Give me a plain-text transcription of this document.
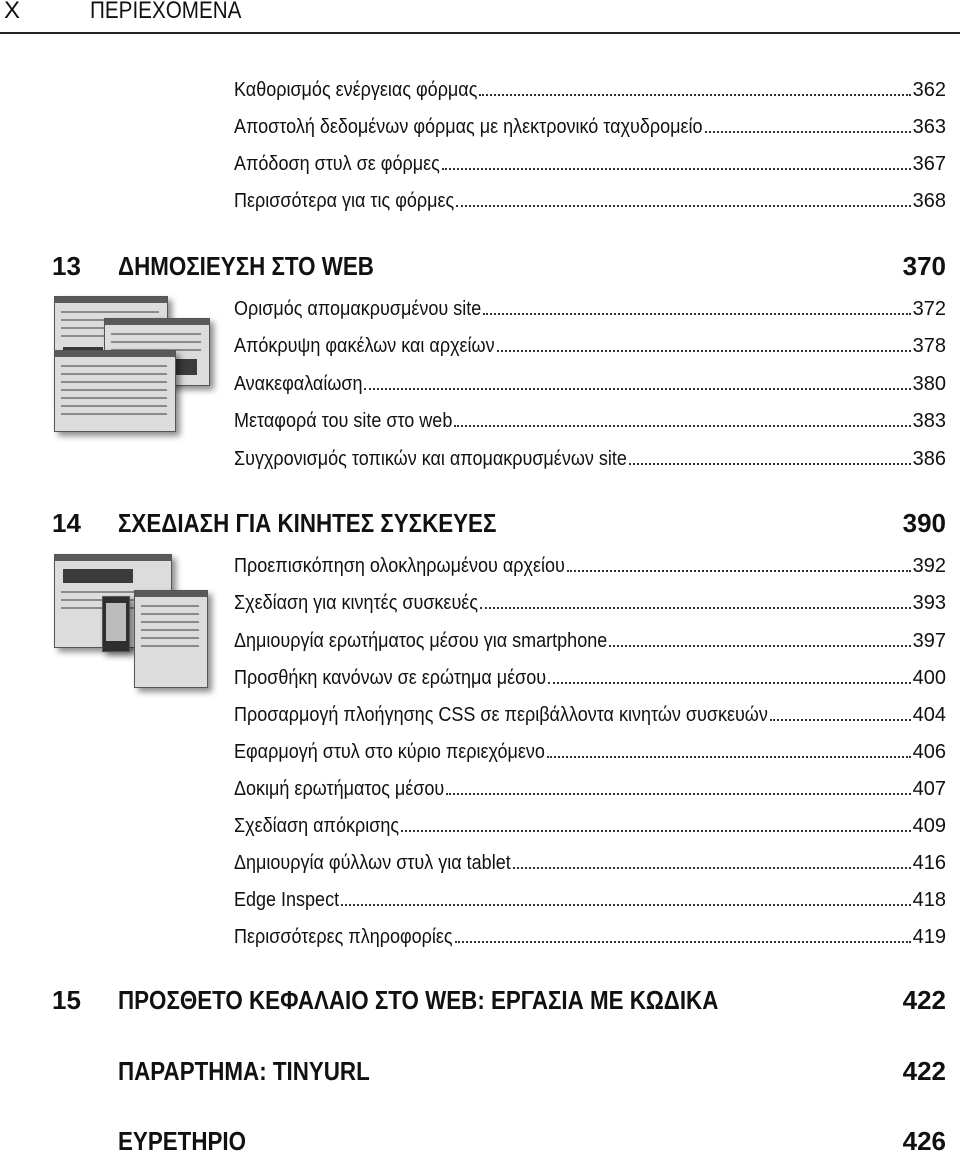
X	ΠΕΡΙΕΧΟΜΕΝΑ
Καθορισμός ενέργειας φόρμας	362
Αποστολή δεδομένων φόρμας με ηλεκτρονικό ταχυδρομείο	363
Απόδοση στυλ σε φόρμες	367
Περισσότερα για τις φόρμες	368
13	ΔΗΜΟΣΙΕΥΣΗ ΣΤΟ WEB	370
Ορισμός απομακρυσμένου site	372
Απόκρυψη φακέλων και αρχείων	378
Ανακεφαλαίωση	380
Μεταφορά του site στο web	383
Συγχρονισμός τοπικών και απομακρυσμένων site	386
14	ΣΧΕΔΙΑΣΗ ΓΙΑ ΚΙΝΗΤΕΣ ΣΥΣΚΕΥΕΣ	390
Προεπισκόπηση ολοκληρωμένου αρχείου	392
Σχεδίαση για κινητές συσκευές	393
Δημιουργία ερωτήματος μέσου για smartphone	397
Προσθήκη κανόνων σε ερώτημα μέσου	400
Προσαρμογή πλοήγησης CSS σε περιβάλλοντα κινητών συσκευών	404
Εφαρμογή στυλ στο κύριο περιεχόμενο	406
Δοκιμή ερωτήματος μέσου	407
Σχεδίαση απόκρισης	409
Δημιουργία φύλλων στυλ για tablet	416
Edge Inspect	418
Περισσότερες πληροφορίες	419
15	ΠΡΟΣΘΕΤΟ ΚΕΦΑΛΑΙΟ ΣΤΟ WEB: ΕΡΓΑΣΙΑ ΜΕ ΚΩΔΙΚΑ	422
ΠΑΡΑΡΤΗΜΑ: TINYURL	422
ΕΥΡΕΤΗΡΙΟ	426
